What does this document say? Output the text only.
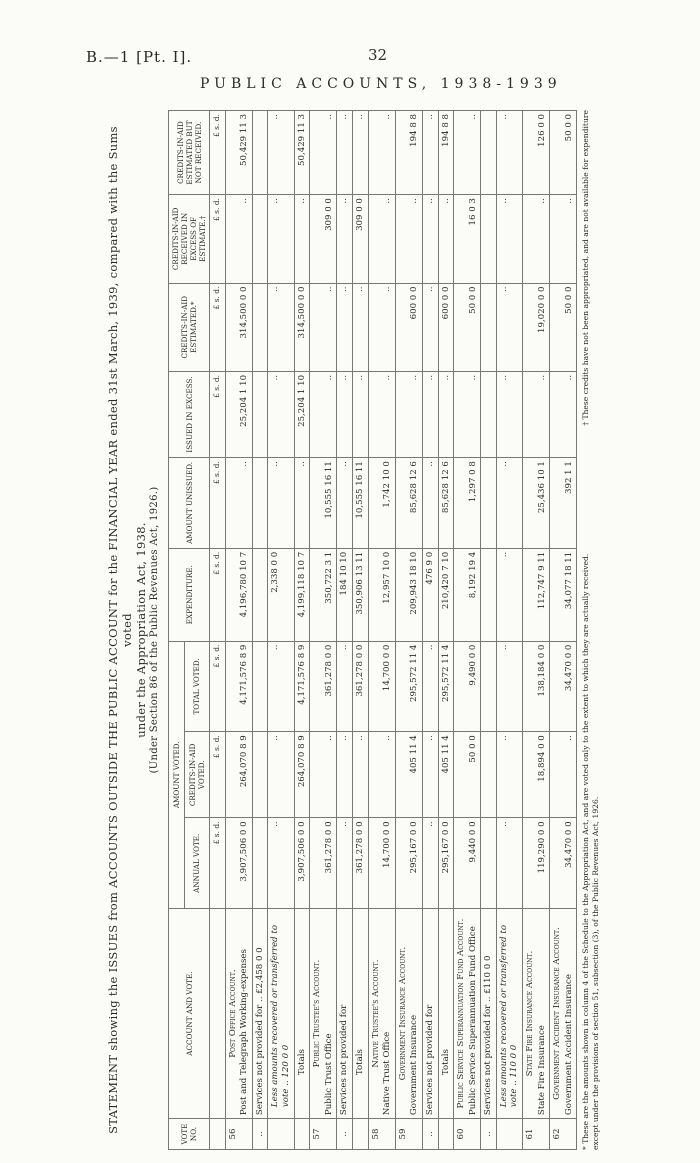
B.—1 [Pt. I].	32
PUBLIC ACCOUNTS, 1938-1939
STATEMENT showing the ISSUES from ACCOUNTS OUTSIDE THE PUBLIC ACCOUNT for the FINANCIAL YEAR ended 31st March, 1939, compared with the Sums voted under the Appropriation Act, 1938. (Under Section 86 of the Public Revenues Act, 1926.)
VOTE NO.	ACCOUNT AND VOTE.	AMOUNT VOTED.			EXPENDITURE.	AMOUNT UNISSUED.	ISSUED IN EXCESS.	CREDITS-IN-AID ESTIMATED.*	CREDITS-IN-AID RECEIVED IN EXCESS OF ESTIMATE.†	CREDITS-IN-AID ESTIMATED BUT NOT RECEIVED.
		ANNUAL VOTE.	CREDITS-IN-AID VOTED.	TOTAL VOTED.						
		£ s. d.	£ s. d.	£ s. d.	£ s. d.	£ s. d.	£ s. d.	£ s. d.	£ s. d.	£ s. d.
56	Post Office Account. Post and Telegraph Working-expenses	3,907,506 0 0	264,070 8 9	4,171,576 8 9	4,196,780 10 7	..	25,204 1 10	314,500 0 0	..	50,429 11 3
..	Services not provided for .. £2,458 0 0									

	Less amounts recovered or transferred to vote .. 120 0 0	..	..	..	2,338 0 0	..	..	..	..	..

	Totals	3,907,506 0 0	264,070 8 9	4,171,576 8 9	4,199,118 10 7	..	25,204 1 10	314,500 0 0	..	50,429 11 3
57	Public Trustee's Account.
Public Trust Office	361,278 0 0	..	361,278 0 0	350,722 3 1	10,555 16 11	..	..	309 0 0	..
..	Services not provided for	..	..	..	184 10 10	..	..	..	..	..

	Totals	361,278 0 0	..	361,278 0 0	350,906 13 11	10,555 16 11	..	..	309 0 0	..
58	Native Trustee's Account.
Native Trust Office	14,700 0 0	..	14,700 0 0	12,957 10 0	1,742 10 0	..	..	..	..
59	Government Insurance Account. Government Insurance	295,167 0 0	405 11 4	295,572 11 4	209,943 18 10	85,628 12 6	..	600 0 0	..	194 8 8
..	Services not provided for	..	..	..	476 9 0	..	..	..	..	..

	Totals	295,167 0 0	405 11 4	295,572 11 4	210,420 7 10	85,628 12 6	..	600 0 0	..	194 8 8
60	Public Service Superannuation Fund Account. Public Service Superannuation Fund Office	9,440 0 0	50 0 0	9,490 0 0	8,192 19 4	1,297 0 8	..	50 0 0	16 0 3	..
..	Services not provided for .. £110 0 0									

	Less amounts recovered or transferred to vote .. 110 0 0	..	..	..	..	..	..	..	..	..
61	State Fire Insurance Account. State Fire Insurance	119,290 0 0	18,894 0 0	138,184 0 0	112,747 9 11	25,436 10 1	..	19,020 0 0	..	126 0 0
62	Government Accident Insurance Account. Government Accident Insurance	34,470 0 0	..	34,470 0 0	34,077 18 11	392 1 1	..	50 0 0	..	50 0 0 † These credits have not been appropriated, and are not available for expenditure
* These are the amounts shown in column 4 of the Schedule to the Appropriation Act, and are voted only to the extent to which they are actually received. except under the provisions of section 51, subsection (3), of the Public Revenues Act, 1926.
